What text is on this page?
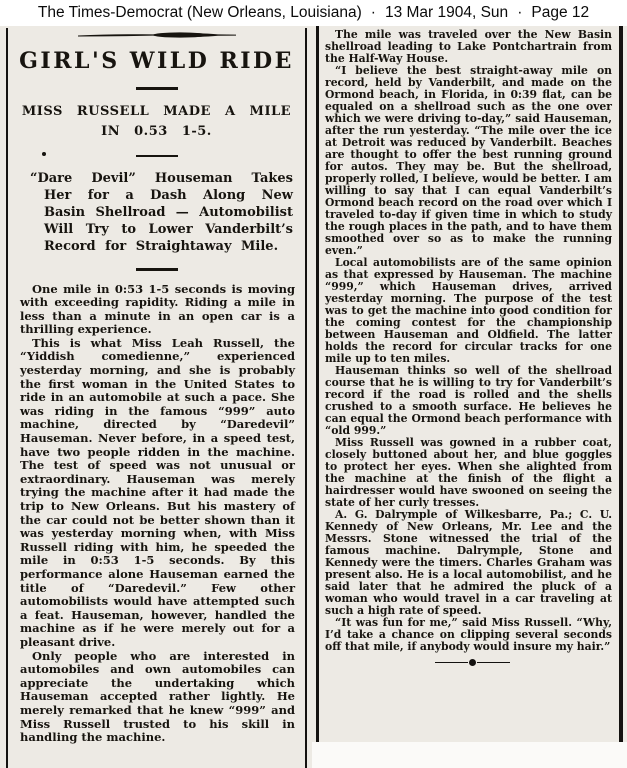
The Times-Democrat (New Orleans, Louisiana) · 13 Mar 1904, Sun · Page 12
GIRL'S WILD RIDE
MISS RUSSELL MADE A MILE IN 0.53 1-5.

“Dare Devil” Houseman Takes Her for a Dash Along New Basin Shellroad — Automobilist Will Try to Lower Vanderbilt’s Record for Straightaway Mile.

One mile in 0:53 1-5 seconds is moving with exceeding rapidity. Riding a mile in less than a minute in an open car is a thrilling experience.

This is what Miss Leah Russell, the “Yiddish comedienne,” experienced yesterday morning, and she is probably the first woman in the United States to ride in an automobile at such a pace. She was riding in the famous “999” auto machine, directed by “Daredevil” Hauseman. Never before, in a speed test, have two people ridden in the machine. The test of speed was not unusual or extraordinary. Hauseman was merely trying the machine after it had made the trip to New Orleans. But his mastery of the car could not be better shown than it was yesterday morning when, with Miss Russell riding with him, he speeded the mile in 0:53 1-5 seconds. By this performance alone Hauseman earned the title of “Daredevil.” Few other automobilists would have attempted such a feat. Hauseman, however, handled the machine as if he were merely out for a pleasant drive.

Only people who are interested in automobiles and own automobiles can appreciate the undertaking which Hauseman accepted rather lightly. He merely remarked that he knew “999” and Miss Russell trusted to his skill in handling the machine.

The mile was traveled over the New Basin shellroad leading to Lake Pontchartrain from the Half-Way House.

“I believe the best straight-away mile on record, held by Vanderbilt, and made on the Ormond beach, in Florida, in 0:39 flat, can be equaled on a shellroad such as the one over which we were driving to-day,” said Hauseman, after the run yesterday. “The mile over the ice at Detroit was reduced by Vanderbilt. Beaches are thought to offer the best running ground for autos. They may be. But the shellroad, properly rolled, I believe, would be better. I am willing to say that I can equal Vanderbilt’s Ormond beach record on the road over which I traveled to-day if given time in which to study the rough places in the path, and to have them smoothed over so as to make the running even.”

Local automobilists are of the same opinion as that expressed by Hauseman. The machine “999,” which Hauseman drives, arrived yesterday morning. The purpose of the test was to get the machine into good condition for the coming contest for the championship between Hauseman and Oldfield. The latter holds the record for circular tracks for one mile up to ten miles.

Hauseman thinks so well of the shellroad course that he is willing to try for Vanderbilt’s record if the road is rolled and the shells crushed to a smooth surface. He believes he can equal the Ormond beach performance with “old 999.”

Miss Russell was gowned in a rubber coat, closely buttoned about her, and blue goggles to protect her eyes. When she alighted from the machine at the finish of the flight a hairdresser would have swooned on seeing the state of her curly tresses.

A. G. Dalrymple of Wilkesbarre, Pa.; C. U. Kennedy of New Orleans, Mr. Lee and the Messrs. Stone witnessed the trial of the famous machine. Dalrymple, Stone and Kennedy were the timers. Charles Graham was present also. He is a local automobilist, and he said later that he admired the pluck of a woman who would travel in a car traveling at such a high rate of speed.

“It was fun for me,” said Miss Russell. “Why, I’d take a chance on clipping several seconds off that mile, if anybody would insure my hair.”
